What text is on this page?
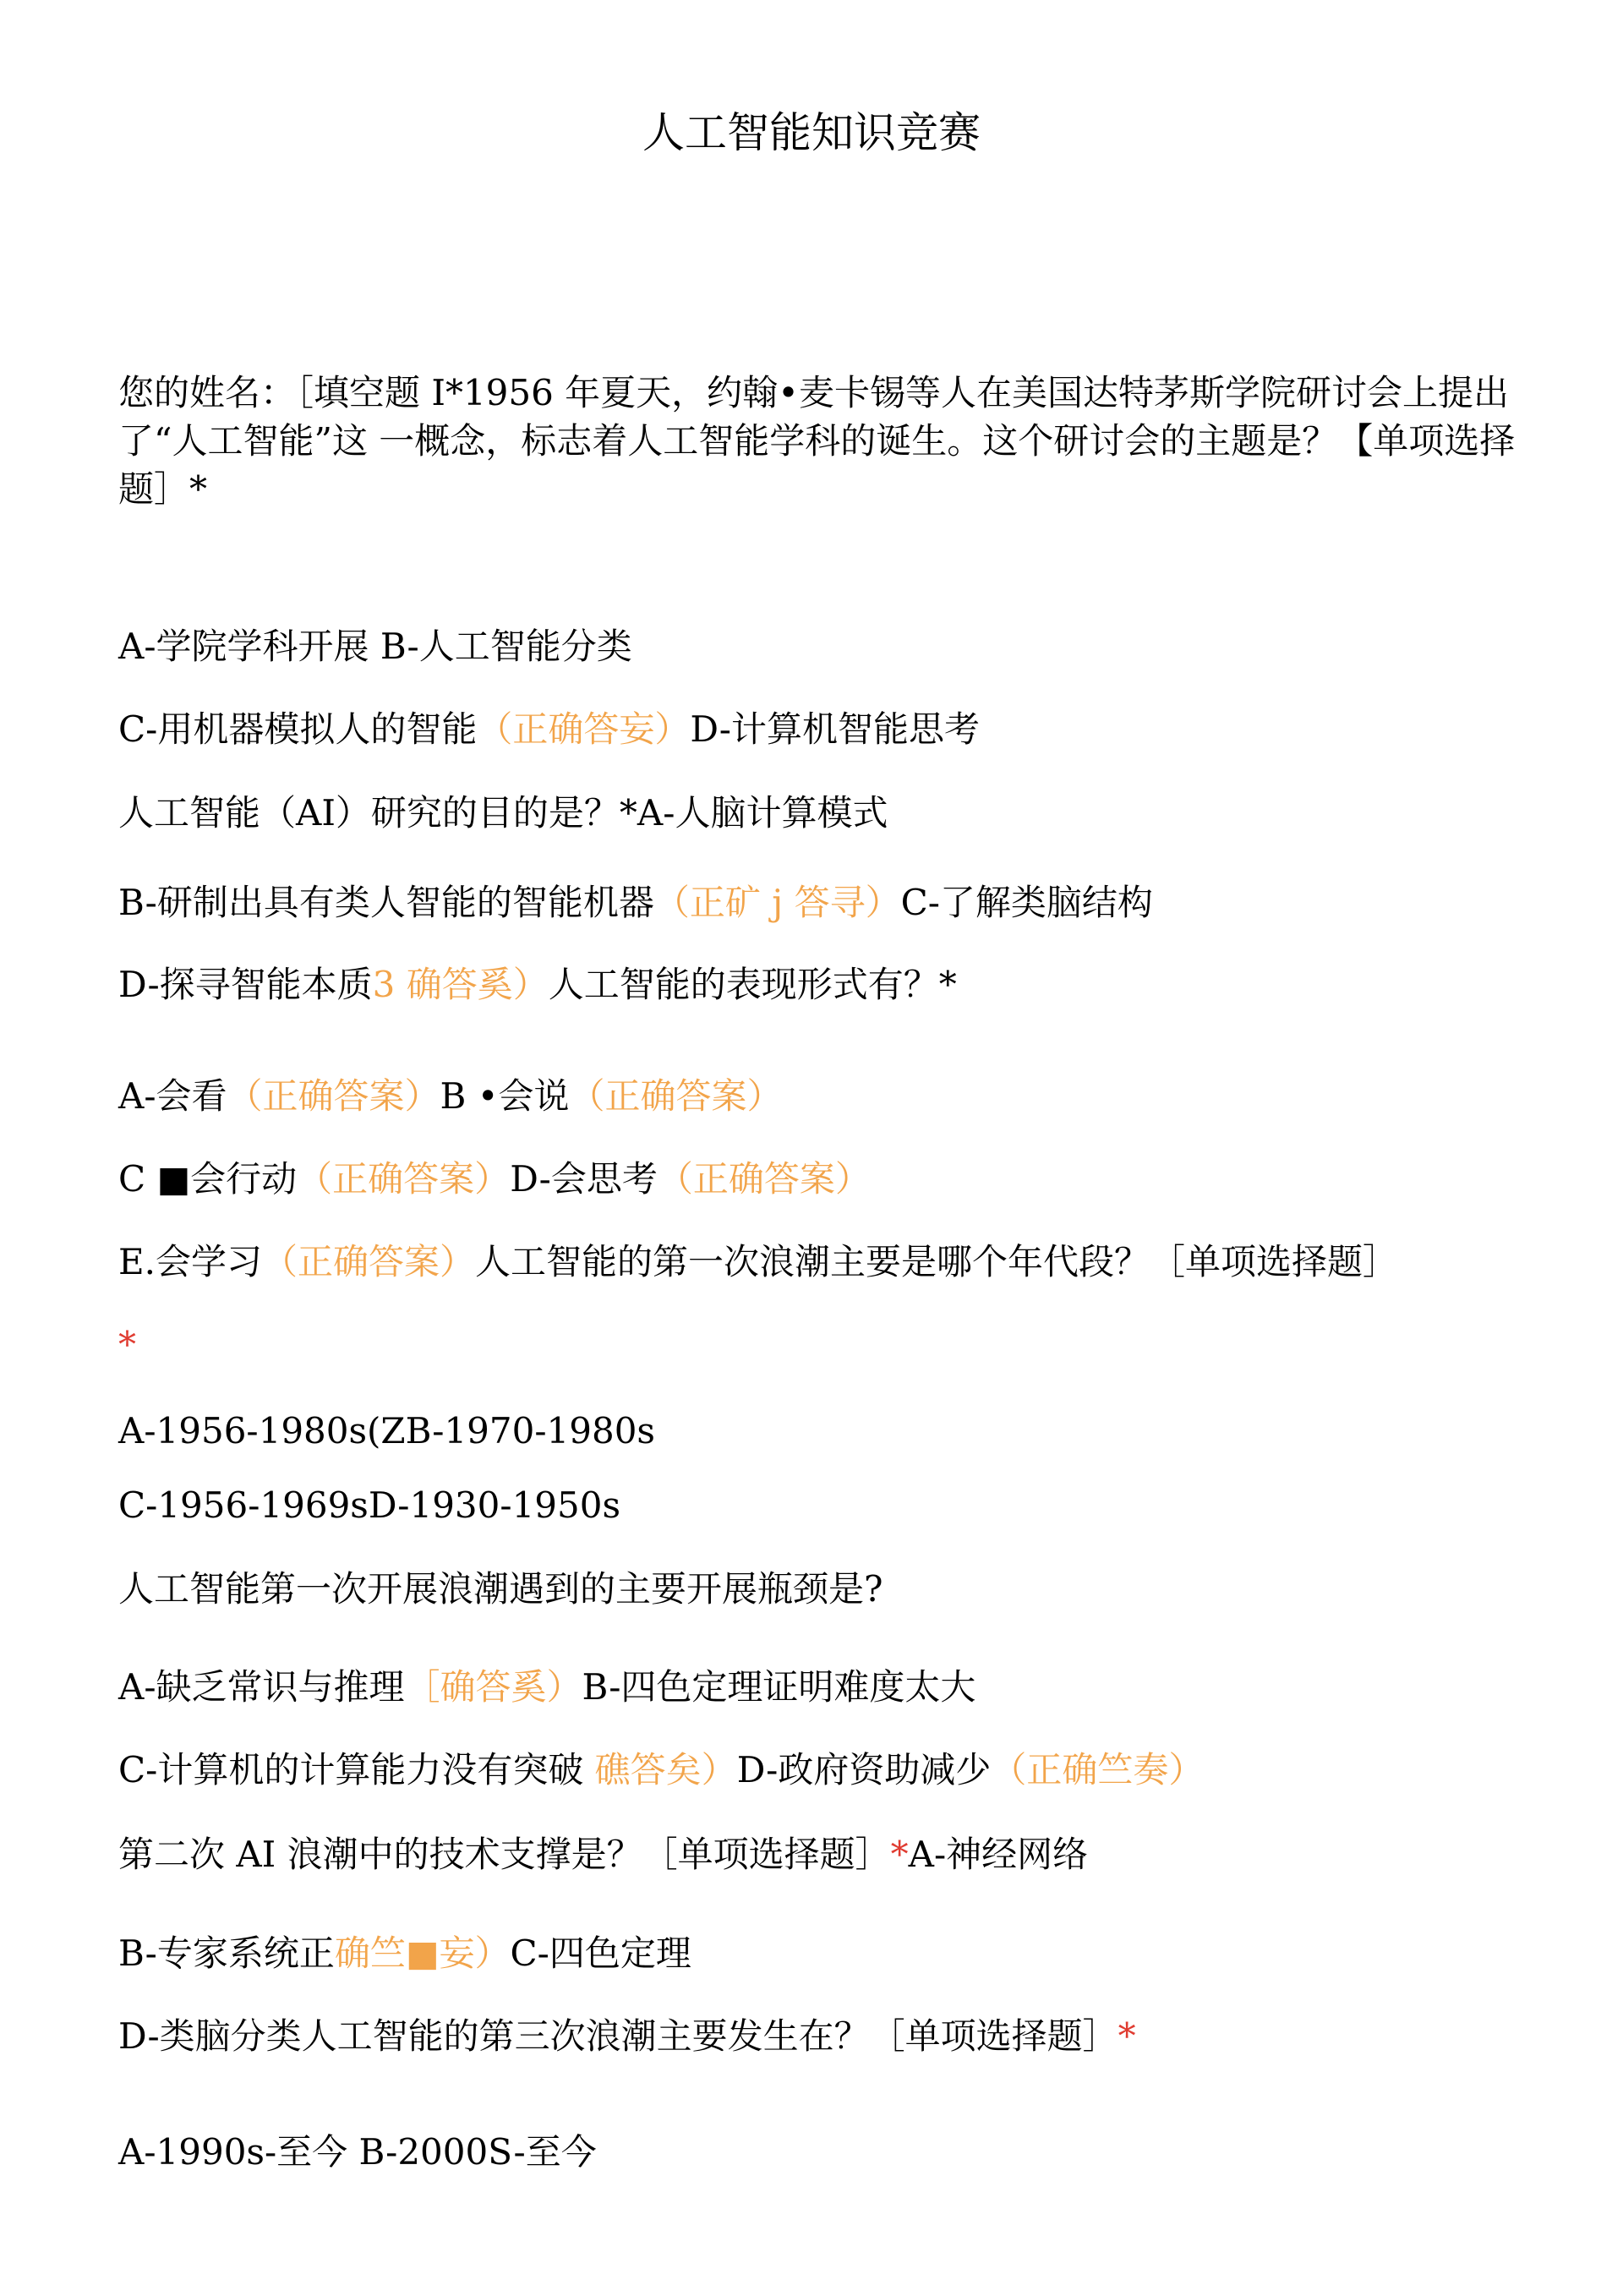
人工智能知识竞赛
您的姓名：［填空题 I*1956 年夏天，约翰•麦卡锡等人在美国达特茅斯学院研讨会上提出了“人工智能”这 一概念，标志着人工智能学科的诞生。这个研讨会的主题是？【单项选择题］*
A-学院学科开展 B-人工智能分类
C-用机器模拟人的智能（正确答妄）D-计算机智能思考
人工智能（AI）研究的目的是？*A-人脑计算模式
B-研制出具有类人智能的智能机器（正矿 j 答寻）C-了解类脑结构
D-探寻智能本质3 确答奚）人工智能的表现形式有？*
A-会看（正确答案）B •会说（正确答案）
C ■会行动（正确答案）D-会思考（正确答案）
E.会学习（正确答案）人工智能的第一次浪潮主要是哪个年代段？［单项选择题］
*
A-1956-1980s(ZB-1970-1980s
C-1956-1969sD-1930-1950s
人工智能第一次开展浪潮遇到的主要开展瓶颈是?
A-缺乏常识与推理［确答奚）B-四色定理证明难度太大
C-计算机的计算能力没有突破 礁答矣）D-政府资助减少（正确竺奏）
第二次 AI 浪潮中的技术支撑是？［单项选择题］*A-神经网络
B-专家系统正确竺■妄）C-四色定理
D-类脑分类人工智能的第三次浪潮主要发生在？［单项选择题］*
A-1990s-至今 B-2000S-至今
